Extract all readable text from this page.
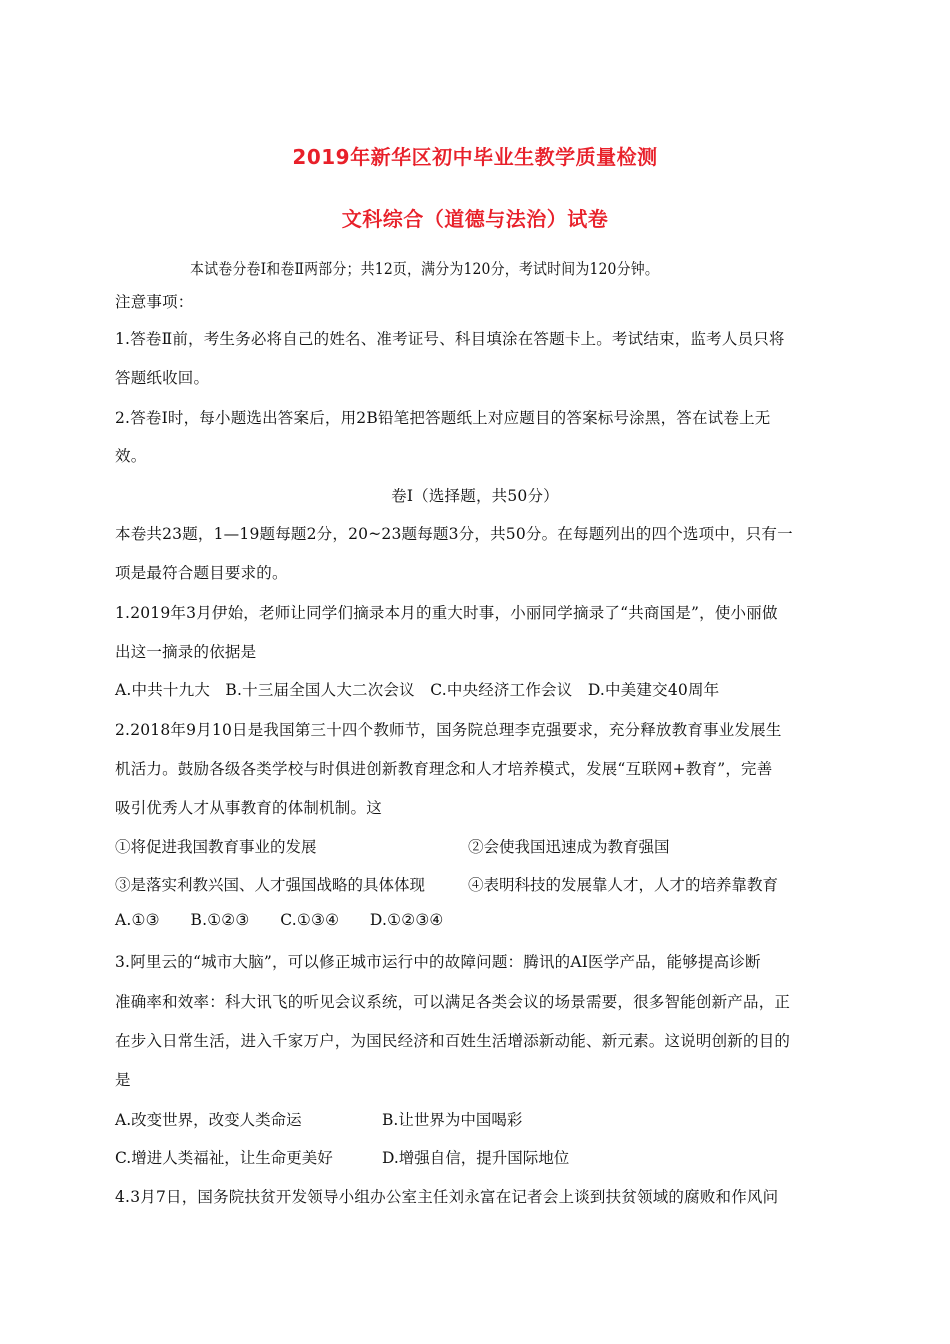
2019年新华区初中毕业生教学质量检测
文科综合（道德与法治）试卷
本试卷分卷Ⅰ和卷Ⅱ两部分；共12页，满分为120分，考试时间为120分钟。
注意事项：
1.答卷Ⅱ前，考生务必将自己的姓名、准考证号、科目填涂在答题卡上。考试结束，监考人员只将
答题纸收回。
2.答卷Ⅰ时，每小题选出答案后，用2B铅笔把答题纸上对应题目的答案标号涂黑，答在试卷上无
效。
卷Ⅰ（选择题，共50分）
本卷共23题，1—19题每题2分，20~23题每题3分，共50分。在每题列出的四个选项中，只有一
项是最符合题目要求的。
1.2019年3月伊始，老师让同学们摘录本月的重大时事，小丽同学摘录了“共商国是”，使小丽做
出这一摘录的依据是
A.中共十九大   B.十三届全国人大二次会议   C.中央经济工作会议   D.中美建交40周年
2.2018年9月10日是我国第三十四个教师节，国务院总理李克强要求，充分释放教育事业发展生
机活力。鼓励各级各类学校与时俱进创新教育理念和人才培养模式，发展“互联网+教育”，完善
吸引优秀人才从事教育的体制机制。这
①将促进我国教育事业的发展	②会使我国迅速成为教育强国
③是落实利教兴国、人才强国战略的具体体现	④表明科技的发展靠人才，人才的培养靠教育
A.①③      B.①②③      C.①③④      D.①②③④
3.阿里云的“城市大脑”，可以修正城市运行中的故障问题：腾讯的AI医学产品，能够提高诊断
准确率和效率：科大讯飞的听见会议系统，可以满足各类会议的场景需要，很多智能创新产品，正
在步入日常生活，进入千家万户，为国民经济和百姓生活增添新动能、新元素。这说明创新的目的
是
A.改变世界，改变人类命运	B.让世界为中国喝彩
C.增进人类福祉，让生命更美好	D.增强自信，提升国际地位
4.3月7日，国务院扶贫开发领导小组办公室主任刘永富在记者会上谈到扶贫领域的腐败和作风问
